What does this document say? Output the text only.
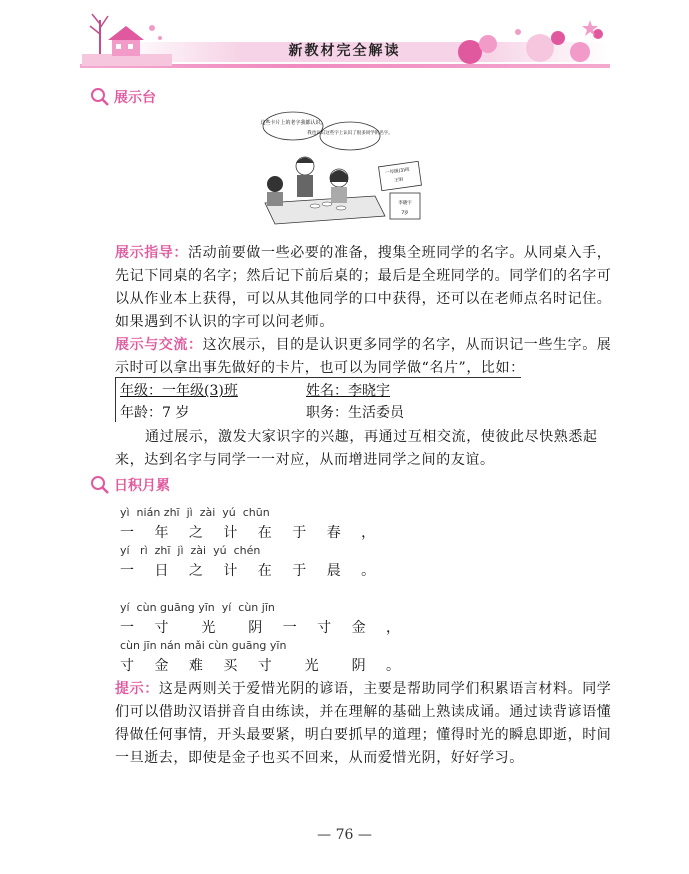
新教材完全解读
展示台
这些卡片上的老字我都认识。
我也认识这些字上认识了很多同学的名字。
一年级(3)班
王明
李晓宇
7岁

展示指导：活动前要做一些必要的准备，搜集全班同学的名字。从同桌入手，先记下同桌的名字；然后记下前后桌的；最后是全班同学的。同学们的名字可以从作业本上获得，可以从其他同学的口中获得，还可以在老师点名时记住。如果遇到不认识的字可以问老师。

展示与交流：这次展示，目的是认识更多同学的名字，从而识记一些生字。展示时可以拿出事先做好的卡片，也可以为同学做“名片”，比如：

年级：一年级(3)班	姓名：李晓宇
年龄：7 岁	职务：生活委员

通过展示，激发大家识字的兴趣，再通过互相交流，使彼此尽快熟悉起来，达到名字与同学一一对应，从而增进同学之间的友谊。

日积月累
yì  nián zhī  jì  zài  yú  chūn
一 年 之 计 在 于 春 ，
yí   rì  zhī  jì  zài  yú  chén
一 日 之 计 在 于 晨 。
yí  cùn guāng yīn  yí  cùn jīn
一 寸  光  阴 一 寸 金 ，
cùn jīn nán mǎi cùn guāng yīn
寸 金 难 买 寸  光  阴 。

提示：这是两则关于爱惜光阴的谚语，主要是帮助同学们积累语言材料。同学们可以借助汉语拼音自由练读，并在理解的基础上熟读成诵。通过读背谚语懂得做任何事情，开头最要紧，明白要抓早的道理；懂得时光的瞬息即逝，时间一旦逝去，即使是金子也买不回来，从而爱惜光阴，好好学习。

— 76 —
